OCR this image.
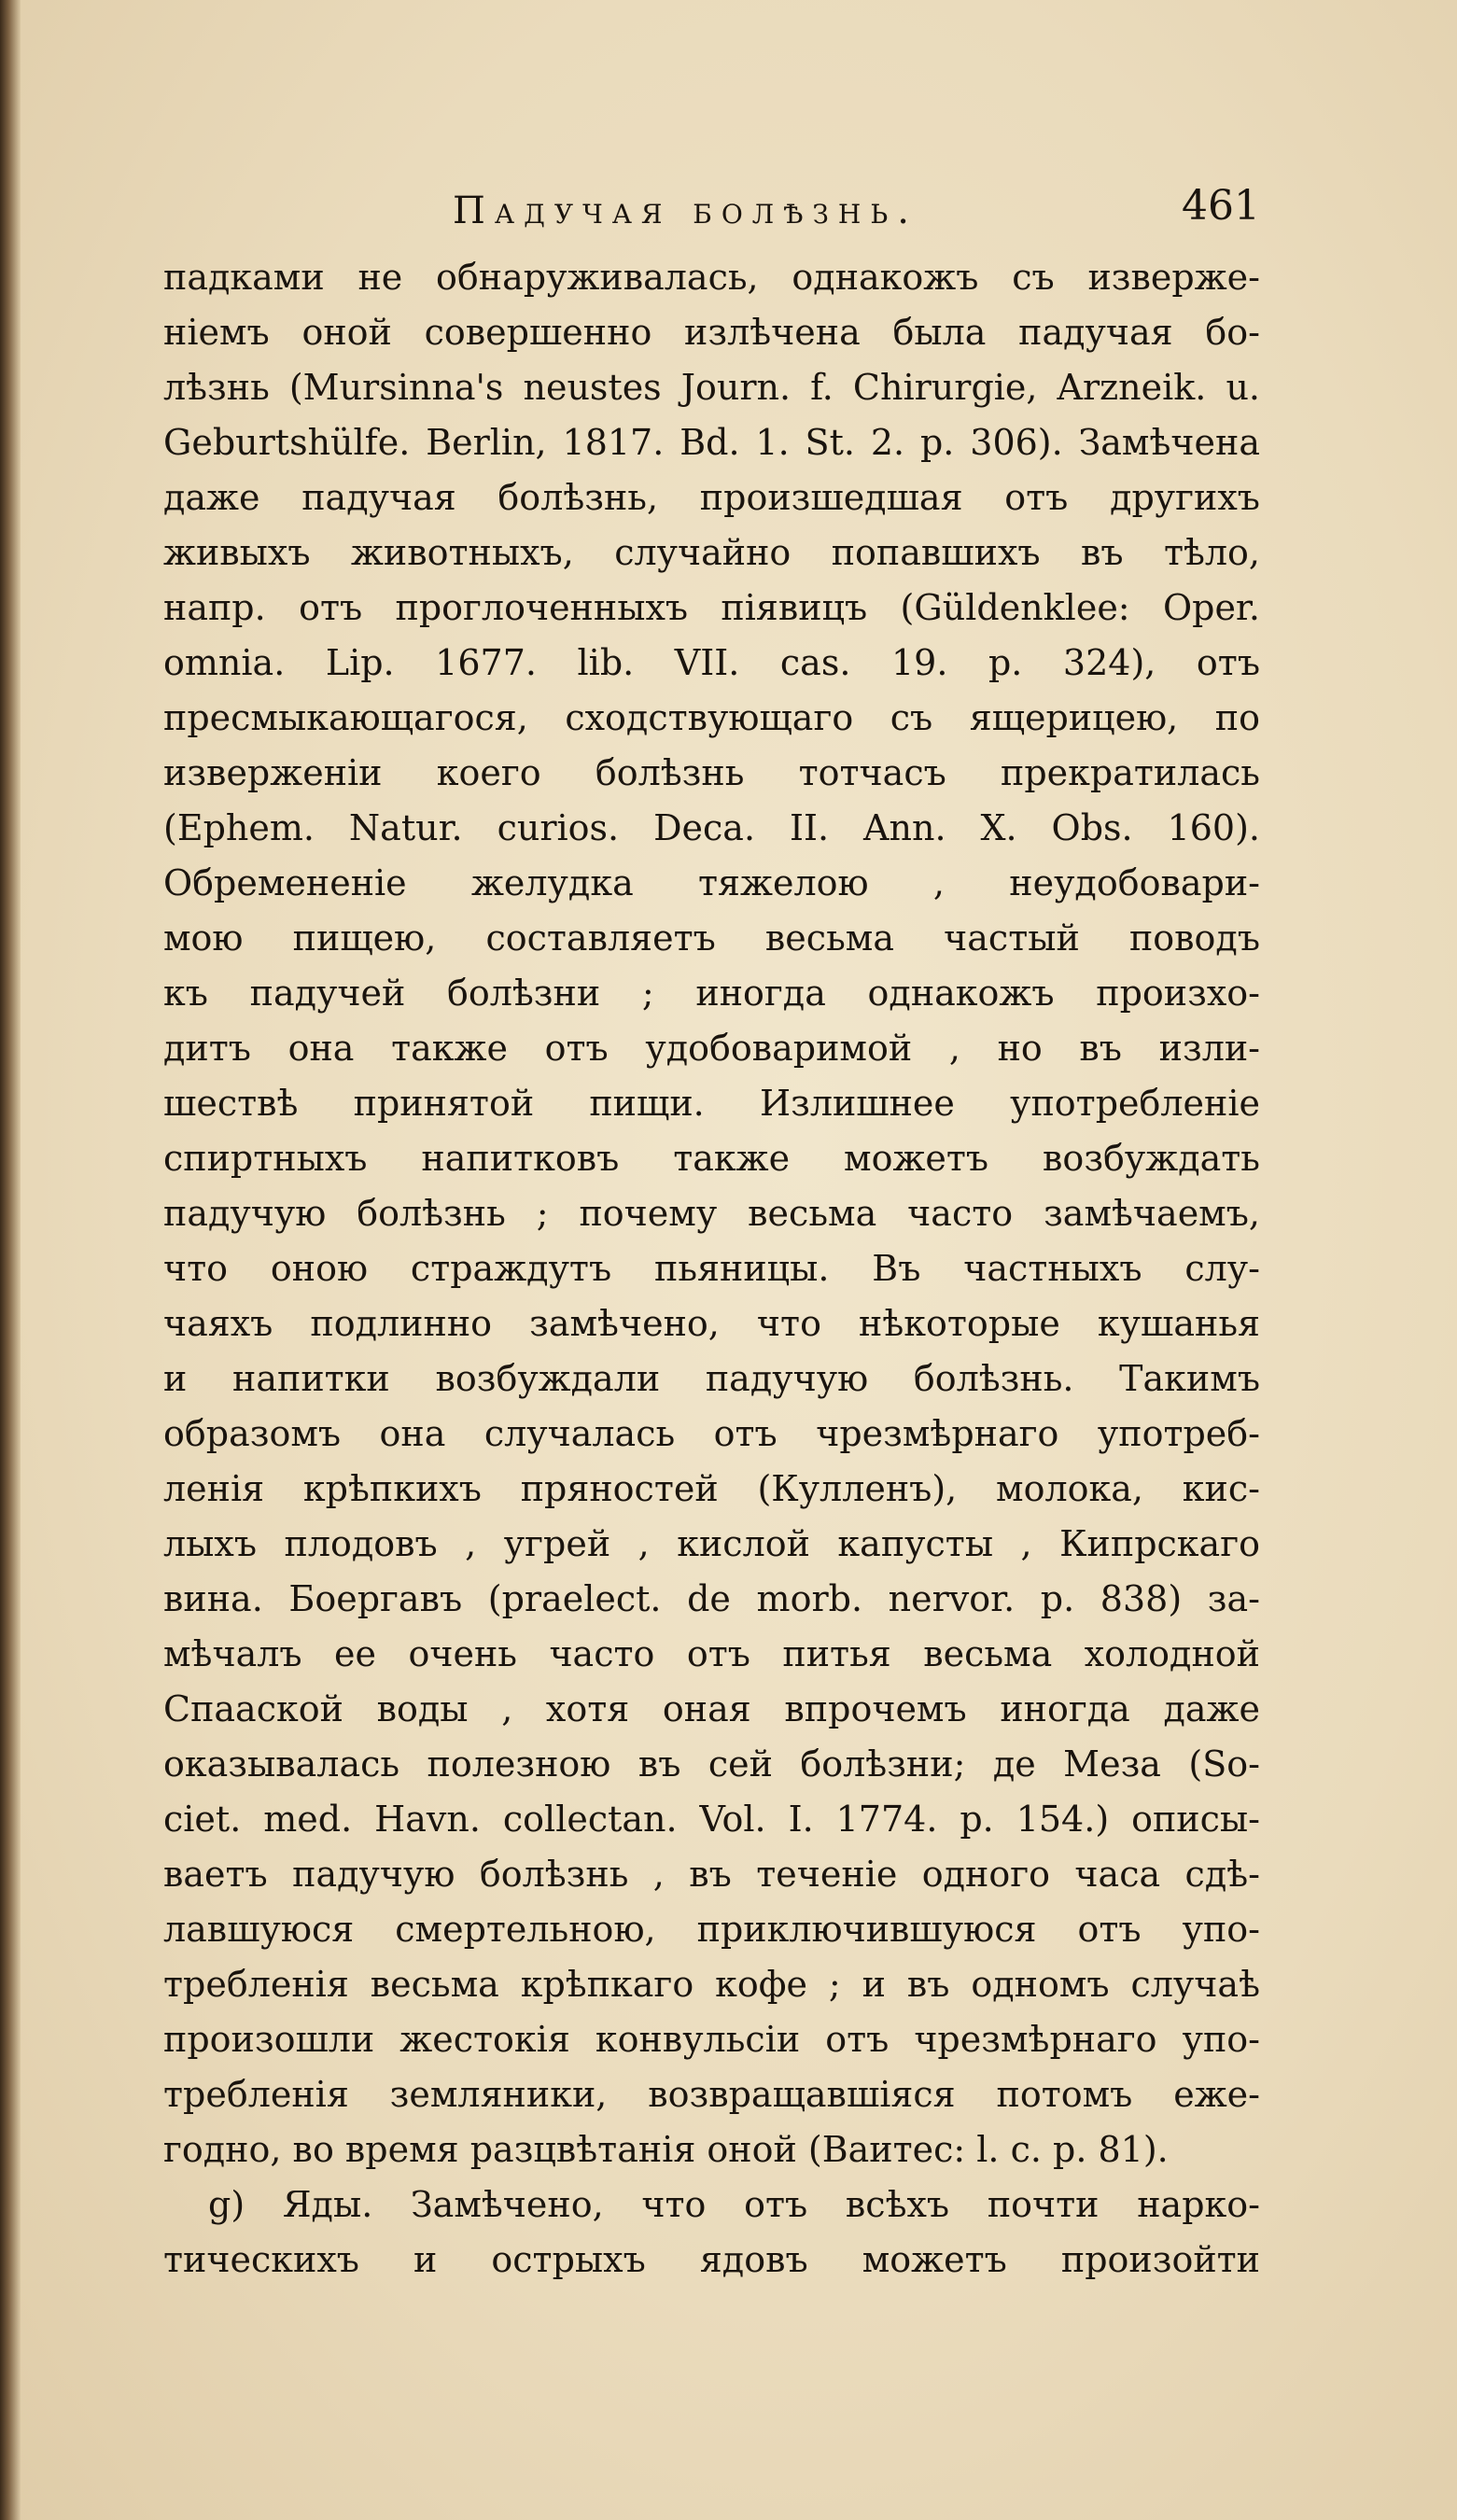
Падучая болѣзнь.	461
падками не обнаруживалась, однакожъ съ изверже-
ніемъ оной совершенно излѣчена была падучая бо-
лѣзнь (Mursinna's neustes Journ. f. Chirurgie, Arzneik. u.
Geburtshülfe. Berlin, 1817. Bd. 1. St. 2. p. 306). Замѣчена
даже падучая болѣзнь, произшедшая отъ другихъ
живыхъ животныхъ, случайно попавшихъ въ тѣло,
напр. отъ проглоченныхъ піявицъ (Güldenklee: Oper.
omnia. Lip. 1677. lib. VII. cas. 19. p. 324), отъ
пресмыкающагося, сходствующаго съ ящерицею, по
изверженіи коего болѣзнь тотчасъ прекратилась
(Ephem. Natur. curios. Deca. II. Ann. X. Obs. 160).
Обремененіе желудка тяжелою , неудобовари-
мою пищею, составляетъ весьма частый поводъ
къ падучей болѣзни ; иногда однакожъ произхо-
дитъ она также отъ удобоваримой , но въ изли-
шествѣ принятой пищи. Излишнее употребленіе
спиртныхъ напитковъ также можетъ возбуждать
падучую болѣзнь ; почему весьма часто замѣчаемъ,
что оною страждутъ пьяницы. Въ частныхъ слу-
чаяхъ подлинно замѣчено, что нѣкоторые кушанья
и напитки возбуждали падучую болѣзнь. Такимъ
образомъ она случалась отъ чрезмѣрнаго употреб-
ленія крѣпкихъ пряностей (Кулленъ), молока, кис-
лыхъ плодовъ , угрей , кислой капусты , Кипрскаго
вина. Боергавъ (praelect. de morb. nervor. p. 838) за-
мѣчалъ ее очень часто отъ питья весьма холодной
Спаaской воды , хотя оная впрочемъ иногда даже
оказывалась полезною въ сей болѣзни; де Меза (So-
ciet. med. Havn. collectan. Vol. I. 1774. p. 154.) описы-
ваетъ падучую болѣзнь , въ теченіе одного часа сдѣ-
лавшуюся смертельною, приключившуюся отъ упо-
требленія весьма крѣпкаго кофе ; и въ одномъ случаѣ
произошли жестокія конвульсіи отъ чрезмѣрнаго упо-
требленія земляники, возвращавшіяся потомъ еже-
годно, во время разцвѣтанія оной (Ваитес: l. c. p. 81).
g) Яды. Замѣчено, что отъ всѣхъ почти нарко-
тическихъ и острыхъ ядовъ можетъ произойти
